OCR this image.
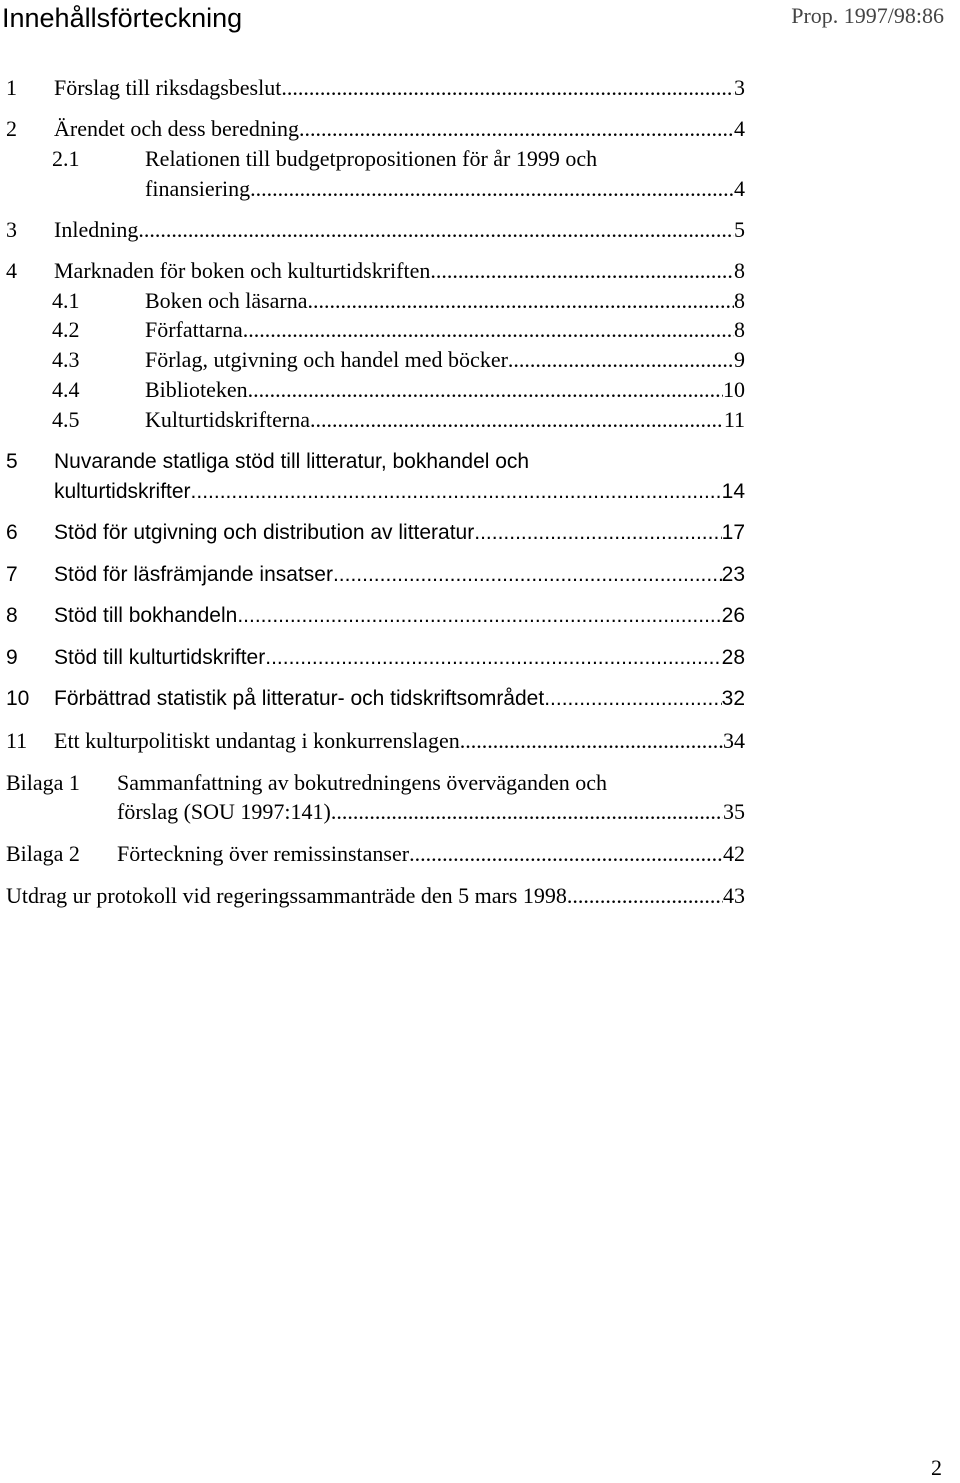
Innehållsförteckning	Prop. 1997/98:86
1 Förslag till riksdagsbeslut .....	3
2 Ärendet och dess beredning .....	4
2.1	Relationen till budgetpropositionen för år 1999 och
finansiering .....	4
3 Inledning .....	5
4 Marknaden för boken och kulturtidskriften .....	8
4.1	Boken och läsarna .....	8
4.2	Författarna .....	8
4.3	Förlag, utgivning och handel med böcker .....	9
4.4	Biblioteken .....	10
4.5	Kulturtidskrifterna .....	11
5 Nuvarande statliga stöd till litteratur, bokhandel och
kulturtidskrifter .....	14
6 Stöd för utgivning och distribution av litteratur .....	17
7 Stöd för läsfrämjande insatser .....	23
8 Stöd till bokhandeln .....	26
9 Stöd till kulturtidskrifter .....	28
10 Förbättrad statistik på litteratur- och tidskriftsområdet .....	32
11 Ett kulturpolitiskt undantag i konkurrenslagen .....	34
Bilaga 1 Sammanfattning av bokutredningens överväganden och
förslag (SOU 1997:141) .....	35
Bilaga 2 Förteckning över remissinstanser .....	42
Utdrag ur protokoll vid regeringssammanträde den 5 mars 1998 .....	43
2
